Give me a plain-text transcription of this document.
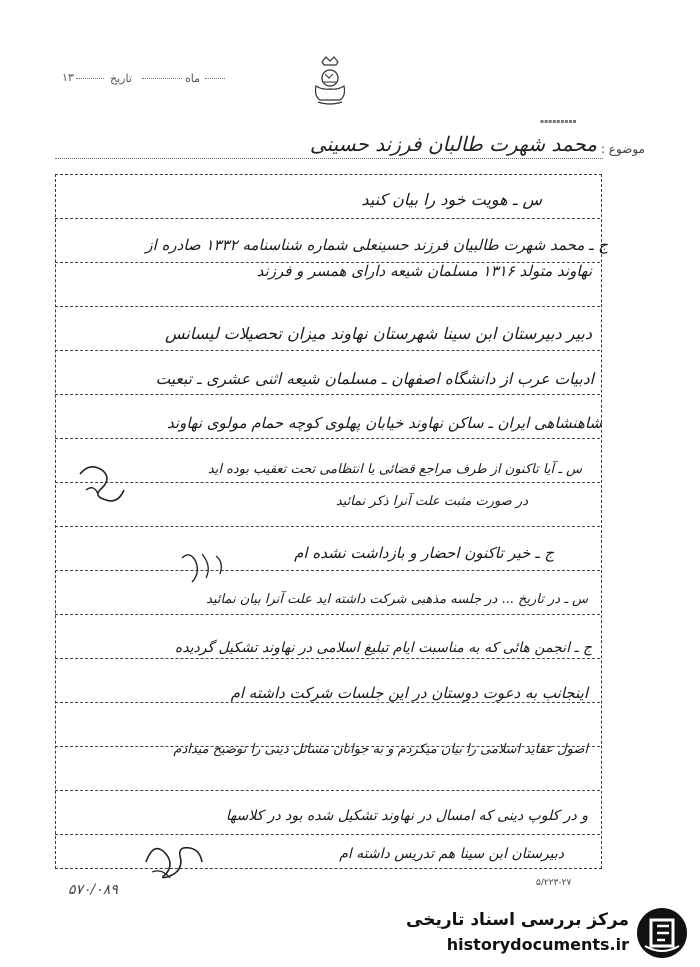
۱۳	ماه
تاریخ
▪▪▪▪▪▪▪▪▪
موضوع :
محمد شهرت طالبان فرزند حسینی
س ـ هویت خود را بیان کنید
ج ـ محمد شهرت طالبیان فرزند حسینعلی شماره شناسنامه ۱۳۳۲ صادره از
نهاوند متولد ۱۳۱۶ مسلمان شیعه دارای همسر و فرزند
دبیر دبیرستان ابن سینا شهرستان نهاوند میزان تحصیلات لیسانس
ادبیات عرب از دانشگاه اصفهان ـ مسلمان شیعه اثنی عشری ـ تبعیت
شاهنشاهی ایران ـ ساکن نهاوند خیابان پهلوی کوچه حمام مولوی نهاوند
س ـ آیا تاکنون از طرف مراجع قضائی یا انتظامی تحت تعقیب بوده اید
در صورت مثبت علت آنرا ذکر نمائید
ج ـ خیر تاکنون احضار و بازداشت نشده ام
س ـ در تاریخ ... در جلسه مذهبی شرکت داشته اید علت آنرا بیان نمائید
ج ـ انجمن هائی که به مناسبت ایام تبلیغ اسلامی در نهاوند تشکیل گردیده
اینجانب به دعوت دوستان در این جلسات شرکت داشته ام
اصول عقاید اسلامی را بیان میکردم و به جوانان مسائل دینی را توضیح میدادم
و در کلوپ دینی که امسال در نهاوند تشکیل شده بود در کلاسها
دبیرستان ابن سینا هم تدریس داشته ام
۵/۲۲۳-۲۷
۵۷۰/۰۸۹
مرکز بررسی اسناد تاریخی
historydocuments.ir
